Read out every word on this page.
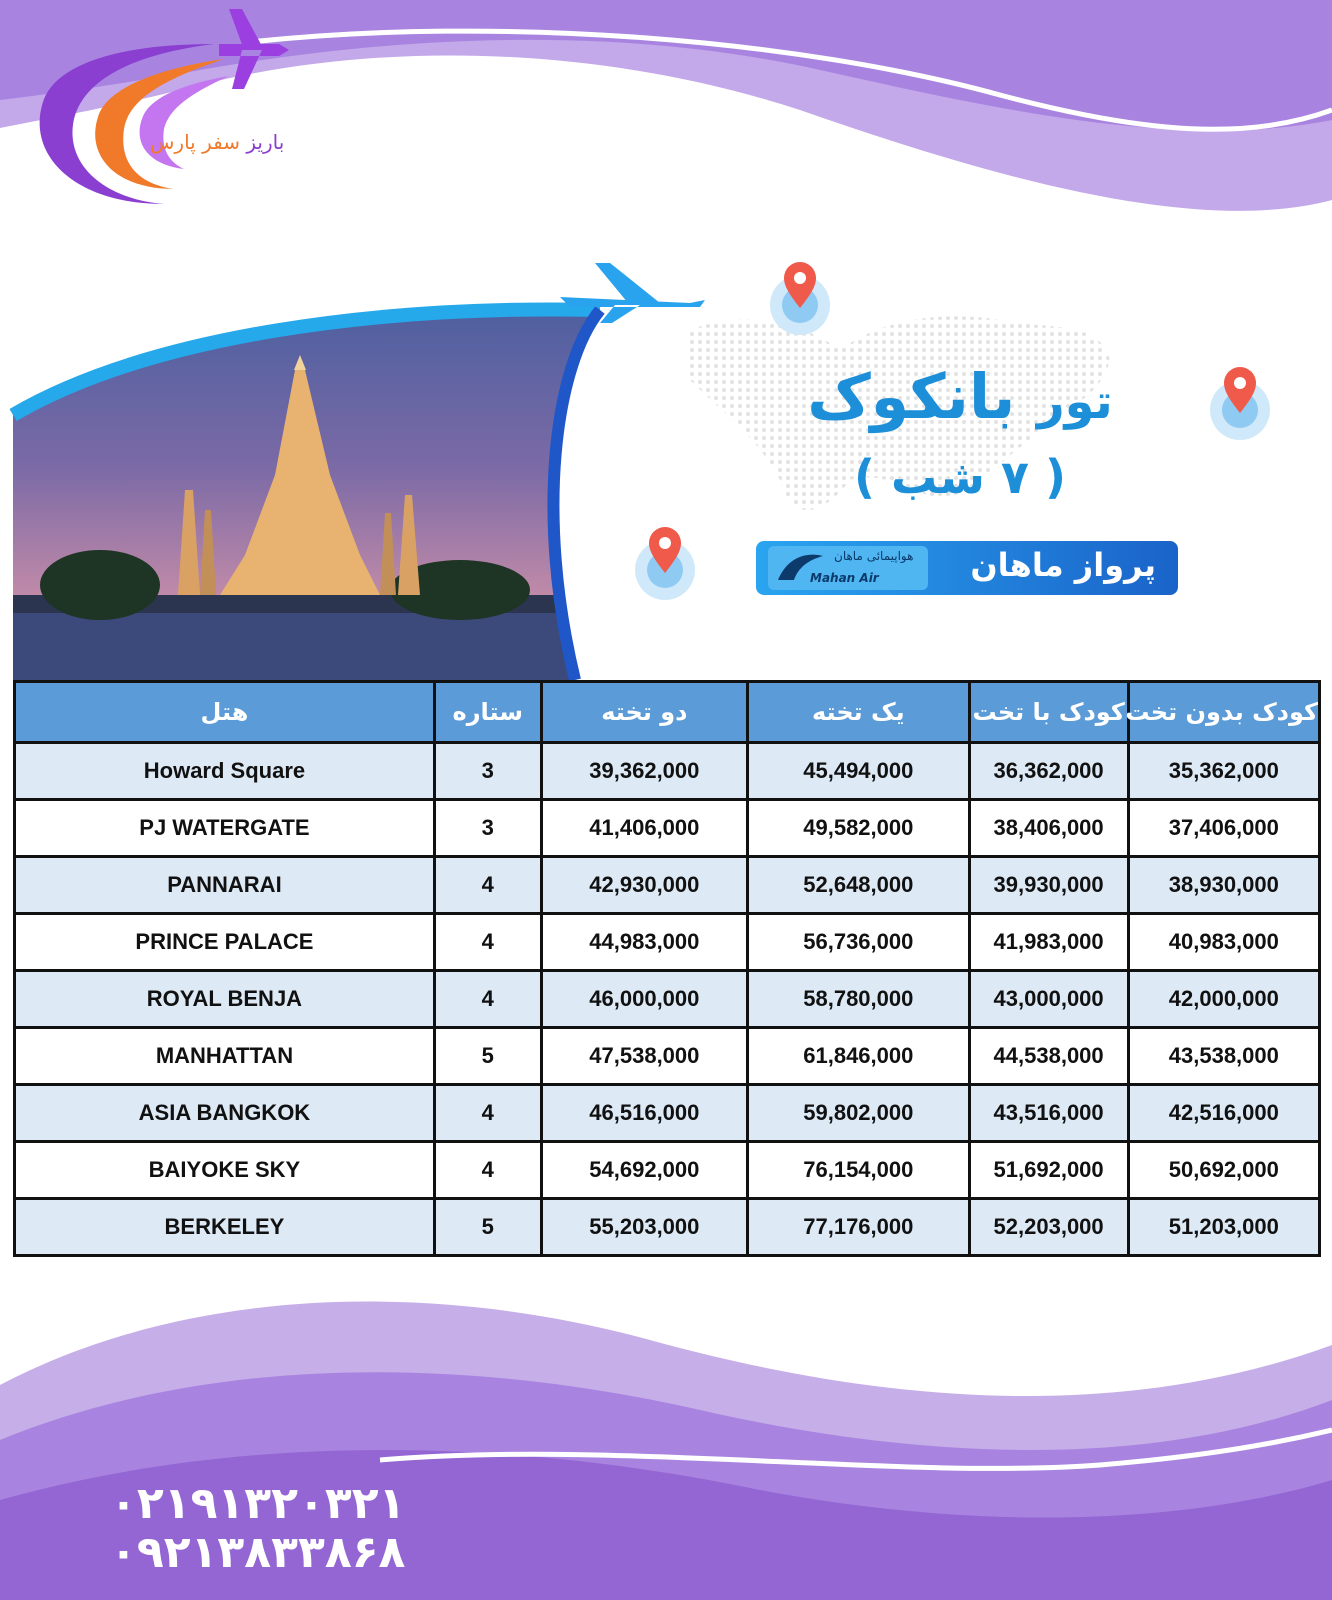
باریز سفر پارس
تور بانکوک
( ۷ شب )
پرواز ماهان
هواپیمائی ماهان
Mahan Air
هتل	ستاره	دو تخته	یک تخته	کودک با تخت	کودک بدون تخت
Howard Square	3	39,362,000	45,494,000	36,362,000	35,362,000
PJ WATERGATE	3	41,406,000	49,582,000	38,406,000	37,406,000
PANNARAI	4	42,930,000	52,648,000	39,930,000	38,930,000
PRINCE PALACE	4	44,983,000	56,736,000	41,983,000	40,983,000
ROYAL BENJA	4	46,000,000	58,780,000	43,000,000	42,000,000
MANHATTAN	5	47,538,000	61,846,000	44,538,000	43,538,000
ASIA BANGKOK	4	46,516,000	59,802,000	43,516,000	42,516,000
BAIYOKE SKY	4	54,692,000	76,154,000	51,692,000	50,692,000
BERKELEY	5	55,203,000	77,176,000	52,203,000	51,203,000
۰۲۱۹۱۳۲۰۳۲۱
۰۹۲۱۳۸۳۳۸۶۸
